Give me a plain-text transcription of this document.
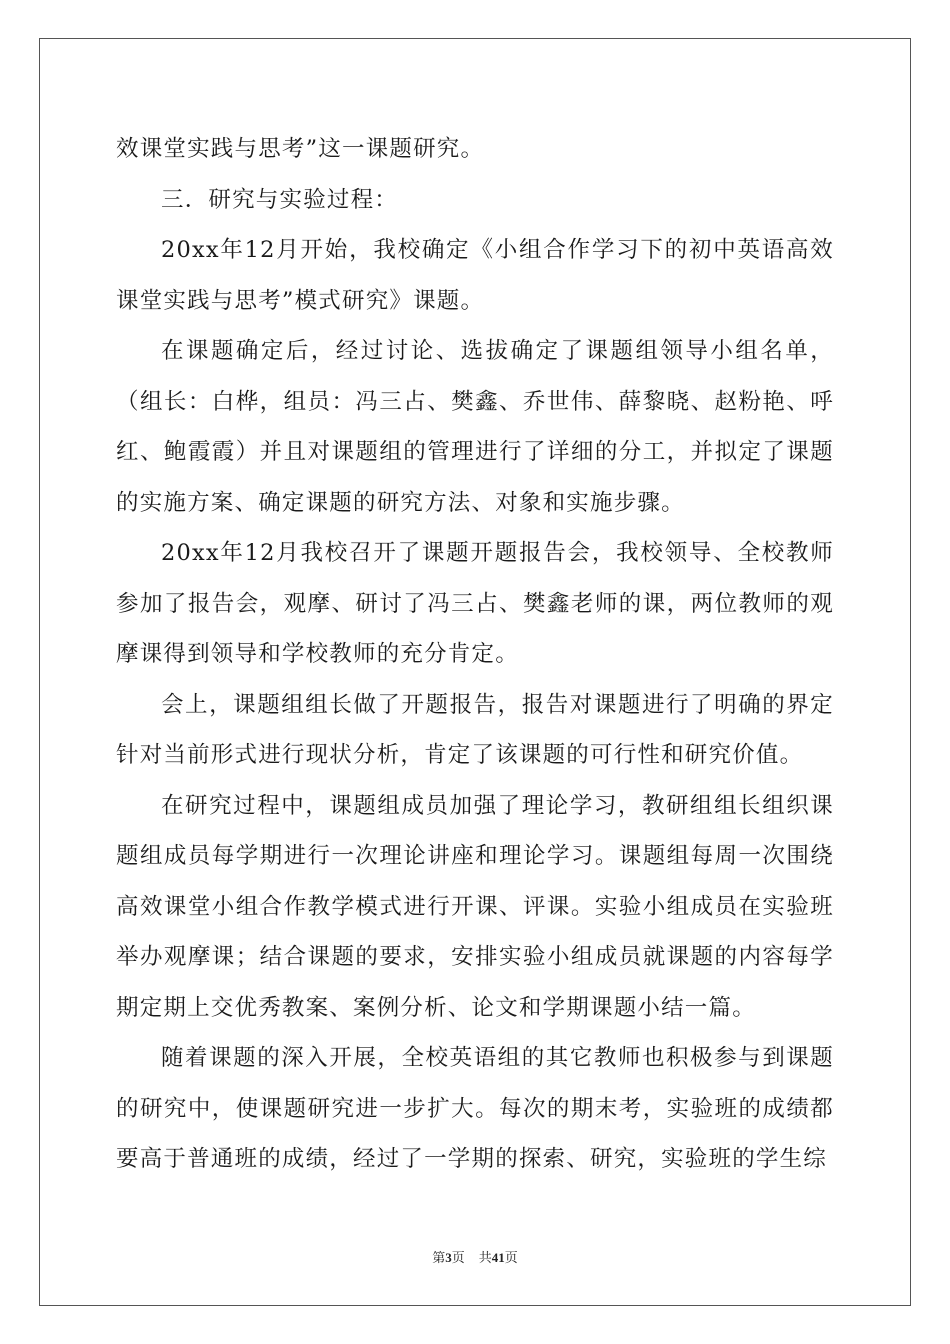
效课堂实践与思考”这一课题研究。

三．研究与实验过程：

20xx年12月开始，我校确定《小组合作学习下的初中英语高效课堂实践与思考”模式研究》课题。

在课题确定后，经过讨论、选拔确定了课题组领导小组名单，（组长：白桦，组员：冯三占、樊鑫、乔世伟、薛黎晓、赵粉艳、呼红、鲍霞霞）并且对课题组的管理进行了详细的分工，并拟定了课题的实施方案、确定课题的研究方法、对象和实施步骤。

20xx年12月我校召开了课题开题报告会，我校领导、全校教师参加了报告会，观摩、研讨了冯三占、樊鑫老师的课，两位教师的观摩课得到领导和学校教师的充分肯定。

会上，课题组组长做了开题报告，报告对课题进行了明确的界定针对当前形式进行现状分析，肯定了该课题的可行性和研究价值。

在研究过程中，课题组成员加强了理论学习，教研组组长组织课题组成员每学期进行一次理论讲座和理论学习。课题组每周一次围绕高效课堂小组合作教学模式进行开课、评课。实验小组成员在实验班举办观摩课；结合课题的要求，安排实验小组成员就课题的内容每学期定期上交优秀教案、案例分析、论文和学期课题小结一篇。

随着课题的深入开展，全校英语组的其它教师也积极参与到课题的研究中，使课题研究进一步扩大。每次的期末考，实验班的成绩都要高于普通班的成绩，经过了一学期的探索、研究，实验班的学生综

第3页 共41页
